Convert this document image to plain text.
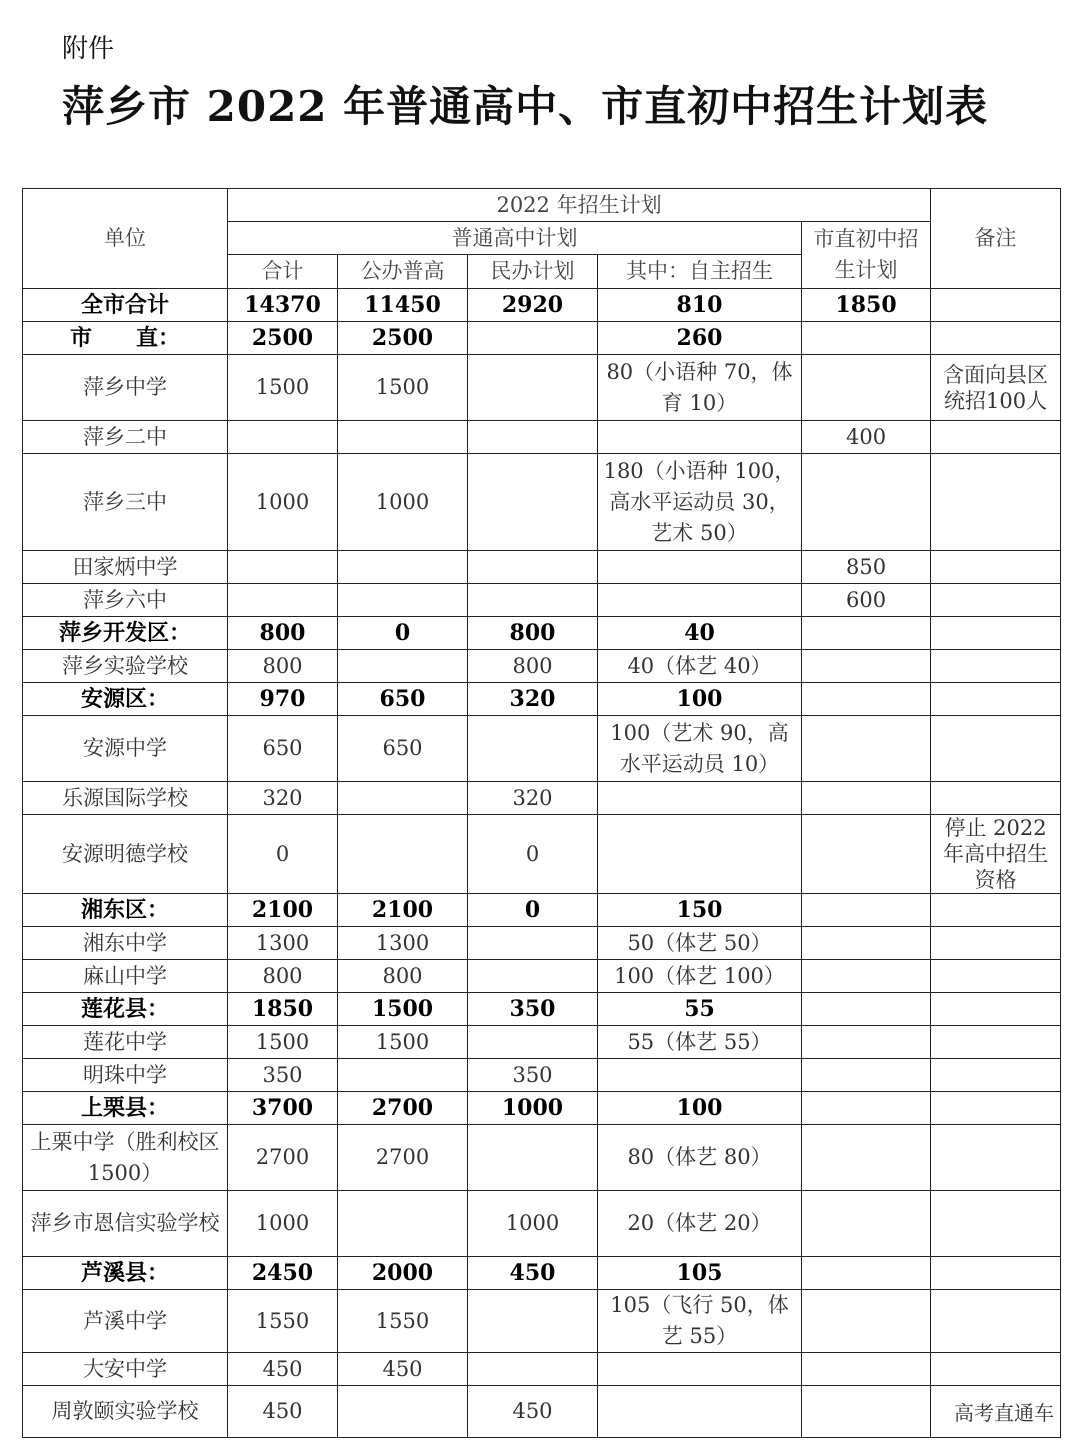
附件
萍乡市 2022 年普通高中、市直初中招生计划表
单位	2022 年招生计划					备注
	普通高中计划				市直初中招生计划	
	合计	公办普高	民办计划	其中：自主招生		
全市合计	14370	11450	2920	810	1850	
市　　直：	2500	2500		260		
萍乡中学	1500	1500		80（小语种 70，体育 10）		含面向县区统招100人
萍乡二中					400	
萍乡三中	1000	1000		180（小语种 100，高水平运动员 30，艺术 50）		
田家炳中学					850	
萍乡六中					600	
萍乡开发区：	800	0	800	40		
萍乡实验学校	800		800	40（体艺 40）		
安源区：	970	650	320	100		
安源中学	650	650		100（艺术 90，高水平运动员 10）		
乐源国际学校	320		320			
安源明德学校	0		0			停止 2022 年高中招生资格
湘东区：	2100	2100	0	150		
湘东中学	1300	1300		50（体艺 50）		
麻山中学	800	800		100（体艺 100）		
莲花县：	1850	1500	350	55		
莲花中学	1500	1500		55（体艺 55）		
明珠中学	350		350			
上栗县：	3700	2700	1000	100		
上栗中学（胜利校区 1500）	2700	2700		80（体艺 80）		
萍乡市恩信实验学校	1000		1000	20（体艺 20）		
芦溪县：	2450	2000	450	105		
芦溪中学	1550	1550		105（飞行 50，体艺 55）		
大安中学	450	450				
周敦颐实验学校	450		450				高考直通车
